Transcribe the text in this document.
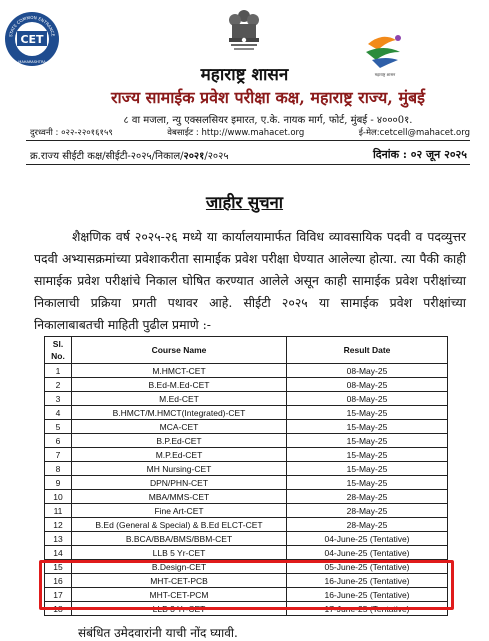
STATE COMMON ENTRANCE
CET
MAHARASHTRA
महाराष्ट्र शासन
महाराष्ट्र शासन
राज्य सामाईक प्रवेश परीक्षा कक्ष, महाराष्ट्र राज्य, मुंबई
८ वा मजला, न्यु एक्सलसियर इमारत, ए.के. नायक मार्ग, फोर्ट, मुंबई - ४०००0१.
दुरध्वनी : ०२२-२२०१६१५९	वेबसाईट : http://www.mahacet.org	ई-मेल:cetcell@mahacet.org
क्र.राज्य सीईटी कक्ष/सीईटी-२०२५/निकाल/२०२१/२०२५	दिनांक : ०२ जून २०२५
जाहीर सुचना
शैक्षणिक वर्ष २०२५-२६ मध्ये या कार्यालयामार्फत विविध व्यावसायिक पदवी व पदव्युत्तर पदवी अभ्यासक्रमांच्या प्रवेशाकरीता सामाईक प्रवेश परीक्षा घेण्यात आलेल्या होत्या. त्या पैकी काही सामाईक प्रवेश परीक्षांचे निकाल घोषित करण्यात आलेले असून काही सामाईक प्रवेश परीक्षांच्या निकालाची प्रक्रिया प्रगती पथावर आहे. सीईटी २०२५ या सामाईक प्रवेश परीक्षांच्या निकालाबाबतची माहिती पुढील प्रमाणे :-
Sl. No.	Course Name	Result Date
1	M.HMCT-CET	08-May-25
2	B.Ed-M.Ed-CET	08-May-25
3	M.Ed-CET	08-May-25
4	B.HMCT/M.HMCT(Integrated)-CET	15-May-25
5	MCA-CET	15-May-25
6	B.P.Ed-CET	15-May-25
7	M.P.Ed-CET	15-May-25
8	MH Nursing-CET	15-May-25
9	DPN/PHN-CET	15-May-25
10	MBA/MMS-CET	28-May-25
11	Fine Art-CET	28-May-25
12	B.Ed (General & Special) & B.Ed ELCT-CET	28-May-25
13	B.BCA/BBA/BMS/BBM-CET	04-June-25 (Tentative)
14	LLB 5 Yr-CET	04-June-25 (Tentative)
15	B.Design-CET	05-June-25 (Tentative)
16	MHT-CET-PCB	16-June-25 (Tentative)
17	MHT-CET-PCM	16-June-25 (Tentative)
18	LLB 3 Yr-CET	17-June-25 (Tentative)
संबंधित उमेदवारांनी याची नोंद घ्यावी.
